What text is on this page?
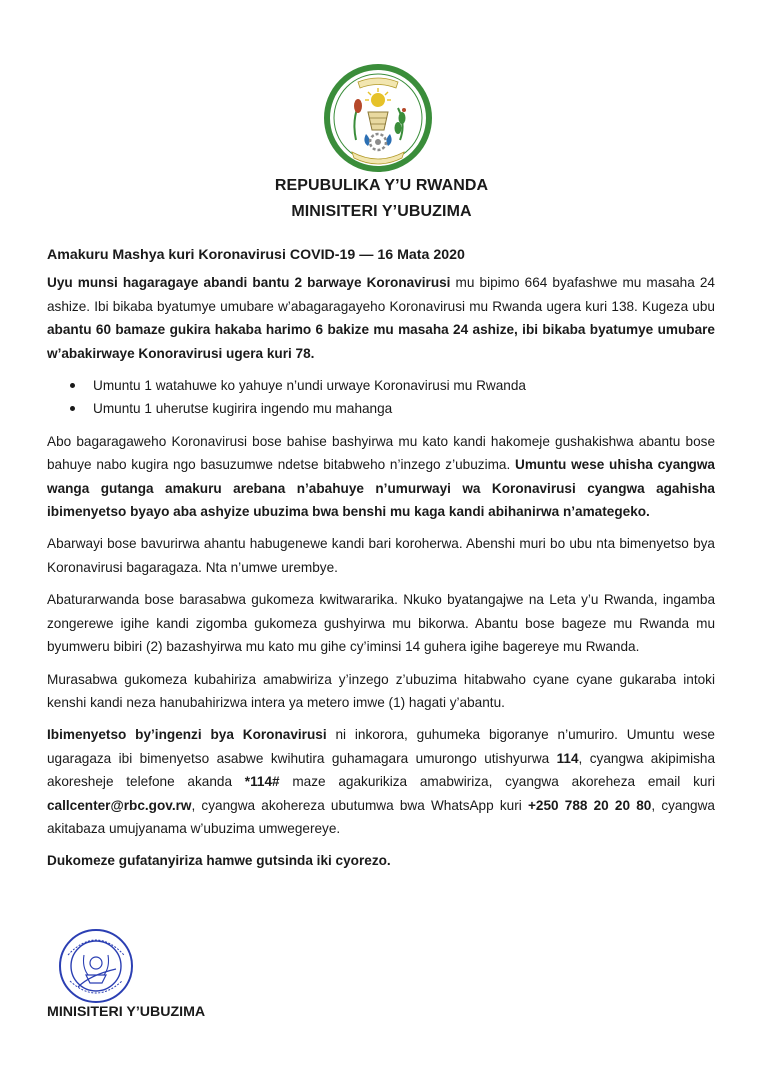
REPUBULIKA Y’U RWANDA
MINISITERI Y’UBUZIMA
Amakuru Mashya kuri Koronavirusi COVID-19 — 16 Mata 2020

Uyu munsi hagaragaye abandi bantu 2 barwaye Koronavirusi mu bipimo 664 byafashwe mu masaha 24 ashize. Ibi bikaba byatumye umubare w’abagaragayeho Koronavirusi mu Rwanda ugera kuri 138. Kugeza ubu abantu 60 bamaze gukira hakaba harimo 6 bakize mu masaha 24 ashize, ibi bikaba byatumye umubare w’abakirwaye Konoravirusi ugera kuri 78.

Umuntu 1 watahuwe ko yahuye n’undi urwaye Koronavirusi mu Rwanda
Umuntu 1 uherutse kugirira ingendo mu mahanga

Abo bagaragaweho Koronavirusi bose bahise bashyirwa mu kato kandi hakomeje gushakishwa abantu bose bahuye nabo kugira ngo basuzumwe ndetse bitabweho n’inzego z’ubuzima. Umuntu wese uhisha cyangwa wanga gutanga amakuru arebana n’abahuye n’umurwayi wa Koronavirusi cyangwa agahisha ibimenyetso byayo aba ashyize ubuzima bwa benshi mu kaga kandi abihanirwa n’amategeko.

Abarwayi bose bavurirwa ahantu habugenewe kandi bari koroherwa. Abenshi muri bo ubu nta bimenyetso bya Koronavirusi bagaragaza. Nta n’umwe urembye.

Abaturarwanda bose barasabwa gukomeza kwitwararika. Nkuko byatangajwe na Leta y’u Rwanda, ingamba zongerewe igihe kandi zigomba gukomeza gushyirwa mu bikorwa. Abantu bose bageze mu Rwanda mu byumweru bibiri (2) bazashyirwa mu kato mu gihe cy’iminsi 14 guhera igihe bagereye mu Rwanda.

Murasabwa gukomeza kubahiriza amabwiriza y’inzego z’ubuzima hitabwaho cyane cyane gukaraba intoki kenshi kandi neza hanubahirizwa intera ya metero imwe (1) hagati y’abantu.

Ibimenyetso by’ingenzi bya Koronavirusi ni inkorora, guhumeka bigoranye n’umuriro. Umuntu wese ugaragaza ibi bimenyetso asabwe kwihutira guhamagara umurongo utishyurwa 114, cyangwa akipimisha akoresheje telefone akanda *114# maze agakurikiza amabwiriza, cyangwa akoreheza email kuri callcenter@rbc.gov.rw, cyangwa akohereza ubutumwa bwa WhatsApp kuri +250 788 20 20 80, cyangwa akitabaza umujyanama w’ubuzima umwegereye.

Dukomeze gufatanyiriza hamwe gutsinda iki cyorezo.

MINISITERI Y’UBUZIMA
